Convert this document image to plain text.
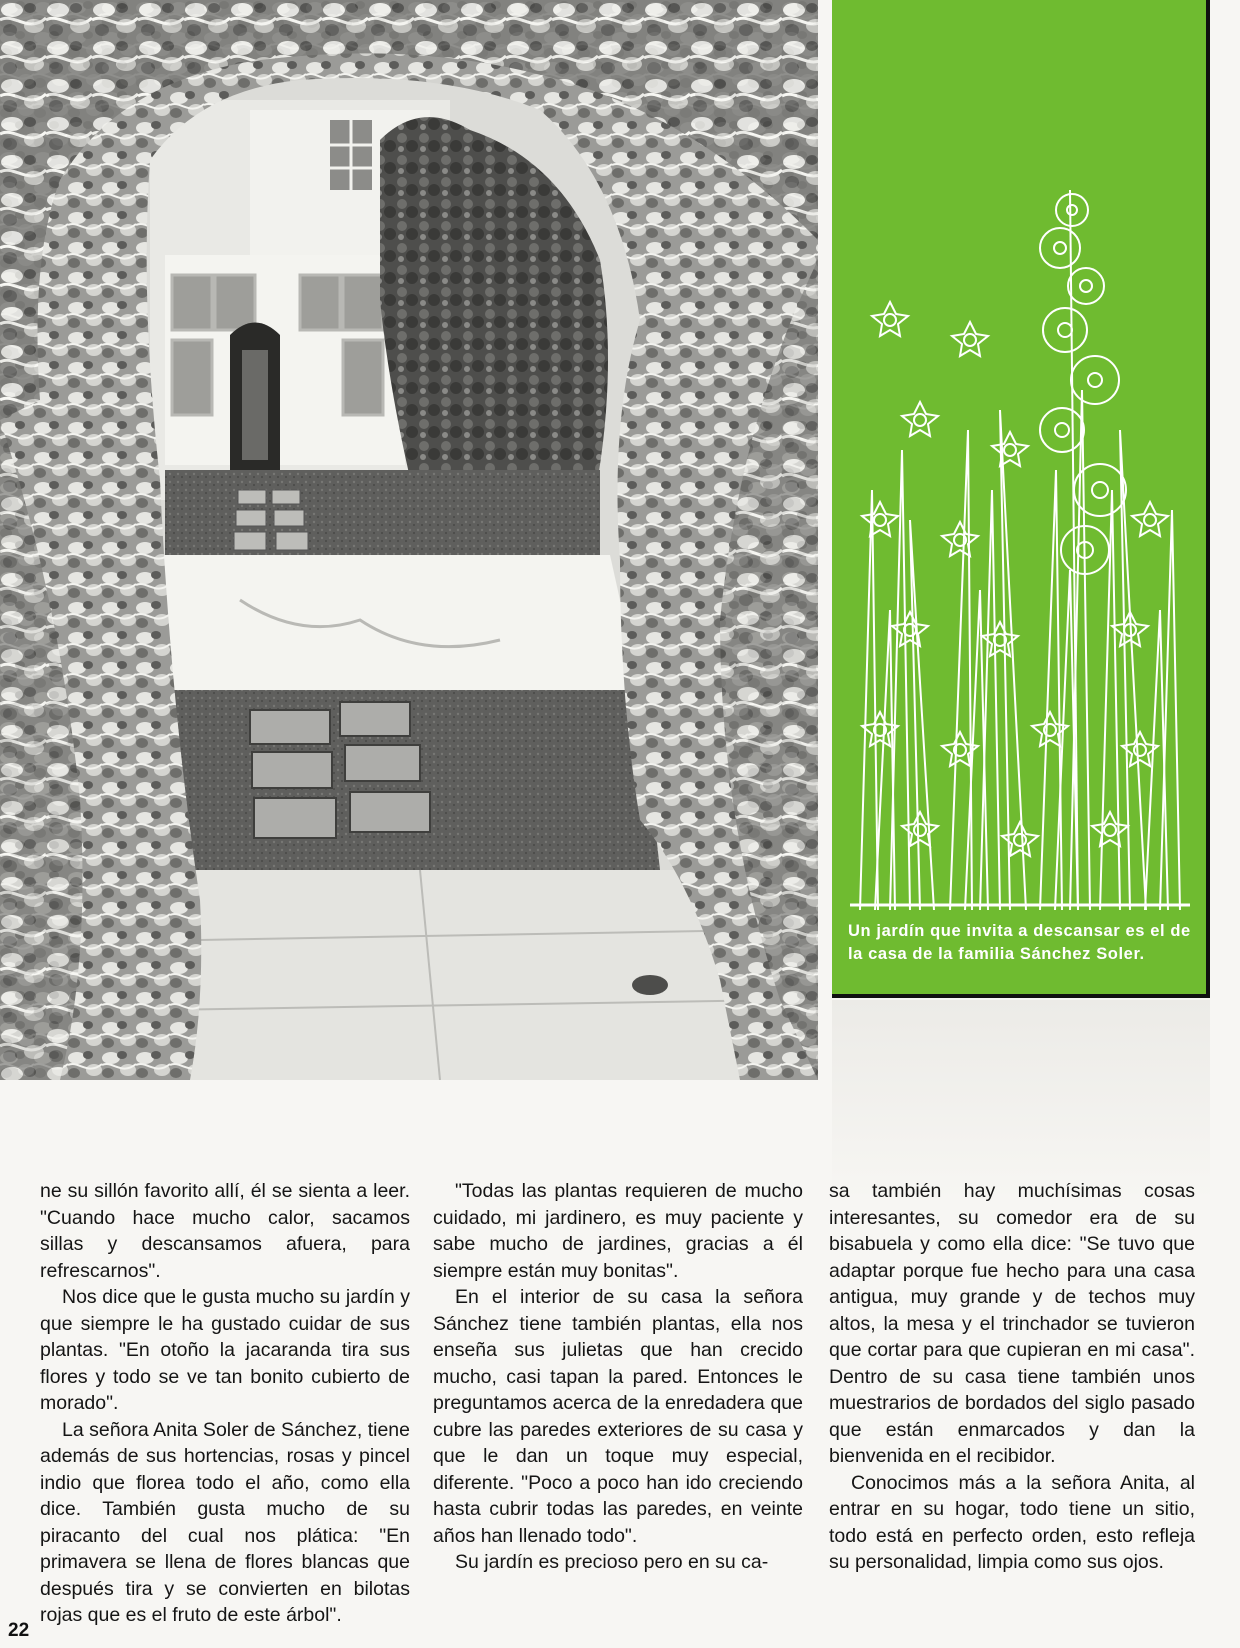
Un jardín que invita a descansar es el de la casa de la familia Sánchez Soler.

ne su sillón favorito allí, él se sienta a leer. "Cuando hace mucho calor, sacamos sillas y descansamos afuera, para refrescarnos".

Nos dice que le gusta mucho su jardín y que siempre le ha gustado cuidar de sus plantas. "En otoño la jacaranda tira sus flores y todo se ve tan bonito cubierto de morado".

La señora Anita Soler de Sánchez, tiene además de sus hortencias, rosas y pincel indio que florea todo el año, como ella dice. También gusta mucho de su piracanto del cual nos plática: "En primavera se llena de flores blancas que después tira y se convierten en bilotas rojas que es el fruto de este árbol".

"Todas las plantas requieren de mucho cuidado, mi jardinero, es muy paciente y sabe mucho de jardines, gracias a él siempre están muy bonitas".

En el interior de su casa la señora Sánchez tiene también plantas, ella nos enseña sus julietas que han crecido mucho, casi tapan la pared. Entonces le preguntamos acerca de la enredadera que cubre las paredes exteriores de su casa y que le dan un toque muy especial, diferente. "Poco a poco han ido creciendo hasta cubrir todas las paredes, en veinte años han llenado todo".

Su jardín es precioso pero en su ca-

sa también hay muchísimas cosas interesantes, su comedor era de su bisabuela y como ella dice: "Se tuvo que adaptar porque fue hecho para una casa antigua, muy grande y de techos muy altos, la mesa y el trinchador se tuvieron que cortar para que cupieran en mi casa". Dentro de su casa tiene también unos muestrarios de bordados del siglo pasado que están enmarcados y dan la bienvenida en el recibidor.

Conocimos más a la señora Anita, al entrar en su hogar, todo tiene un sitio, todo está en perfecto orden, esto refleja su personalidad, limpia como sus ojos.

22
